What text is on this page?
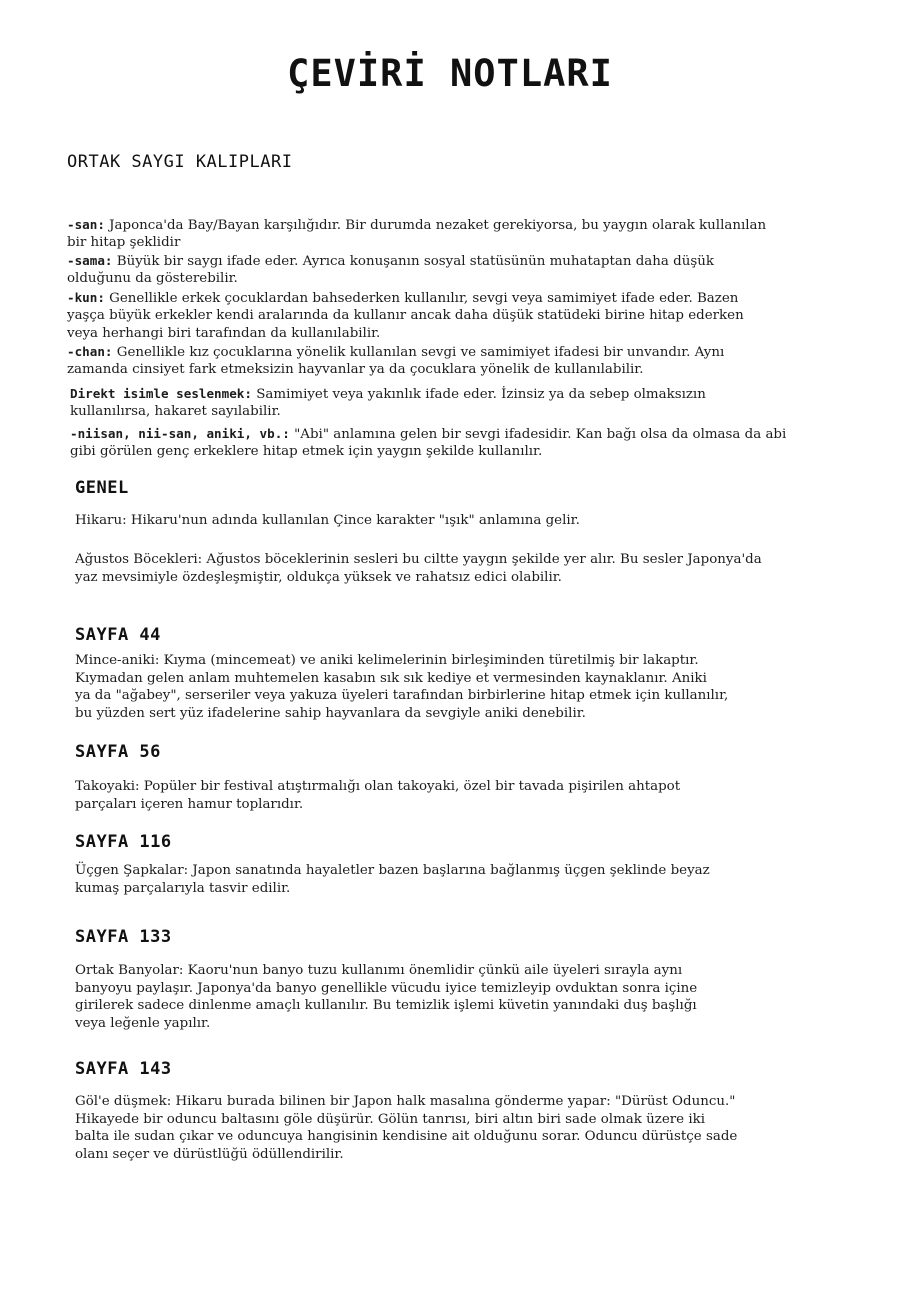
ÇEVİRİ NOTLARI
ORTAK SAYGI KALIPLARI

-san: Japonca'da Bay/Bayan karşılığıdır. Bir durumda nezaket gerekiyorsa, bu yaygın olarak kullanılan
bir hitap şeklidir

-sama: Büyük bir saygı ifade eder. Ayrıca konuşanın sosyal statüsünün muhataptan daha düşük
olduğunu da gösterebilir.

-kun: Genellikle erkek çocuklardan bahsederken kullanılır, sevgi veya samimiyet ifade eder. Bazen
yaşça büyük erkekler kendi aralarında da kullanır ancak daha düşük statüdeki birine hitap ederken
veya herhangi biri tarafından da kullanılabilir.

-chan: Genellikle kız çocuklarına yönelik kullanılan sevgi ve samimiyet ifadesi bir unvandır. Aynı
zamanda cinsiyet fark etmeksizin hayvanlar ya da çocuklara yönelik de kullanılabilir.

Direkt isimle seslenmek: Samimiyet veya yakınlık ifade eder. İzinsiz ya da sebep olmaksızın
kullanılırsa, hakaret sayılabilir.

-niisan, nii-san, aniki, vb.: "Abi" anlamına gelen bir sevgi ifadesidir. Kan bağı olsa da olmasa da abi
gibi görülen genç erkeklere hitap etmek için yaygın şekilde kullanılır.

GENEL
Hikaru: Hikaru'nun adında kullanılan Çince karakter "ışık" anlamına gelir.
Ağustos Böcekleri: Ağustos böceklerinin sesleri bu ciltte yaygın şekilde yer alır. Bu sesler Japonya'da
yaz mevsimiyle özdeşleşmiştir, oldukça yüksek ve rahatsız edici olabilir.
SAYFA 44
Mince-aniki: Kıyma (mincemeat) ve aniki kelimelerinin birleşiminden türetilmiş bir lakaptır.
Kıymadan gelen anlam muhtemelen kasabın sık sık kediye et vermesinden kaynaklanır. Aniki
ya da "ağabey", serseriler veya yakuza üyeleri tarafından birbirlerine hitap etmek için kullanılır,
bu yüzden sert yüz ifadelerine sahip hayvanlara da sevgiyle aniki denebilir.
SAYFA 56
Takoyaki: Popüler bir festival atıştırmalığı olan takoyaki, özel bir tavada pişirilen ahtapot
parçaları içeren hamur toplarıdır.
SAYFA 116
Üçgen Şapkalar: Japon sanatında hayaletler bazen başlarına bağlanmış üçgen şeklinde beyaz
kumaş parçalarıyla tasvir edilir.
SAYFA 133
Ortak Banyolar: Kaoru'nun banyo tuzu kullanımı önemlidir çünkü aile üyeleri sırayla aynı
banyoyu paylaşır. Japonya'da banyo genellikle vücudu iyice temizleyip ovduktan sonra içine
girilerek sadece dinlenme amaçlı kullanılır. Bu temizlik işlemi küvetin yanındaki duş başlığı
veya leğenle yapılır.
SAYFA 143
Göl'e düşmek: Hikaru burada bilinen bir Japon halk masalına gönderme yapar: "Dürüst Oduncu."
Hikayede bir oduncu baltasını göle düşürür. Gölün tanrısı, biri altın biri sade olmak üzere iki
balta ile sudan çıkar ve oduncuya hangisinin kendisine ait olduğunu sorar. Oduncu dürüstçe sade
olanı seçer ve dürüstlüğü ödüllendirilir.
